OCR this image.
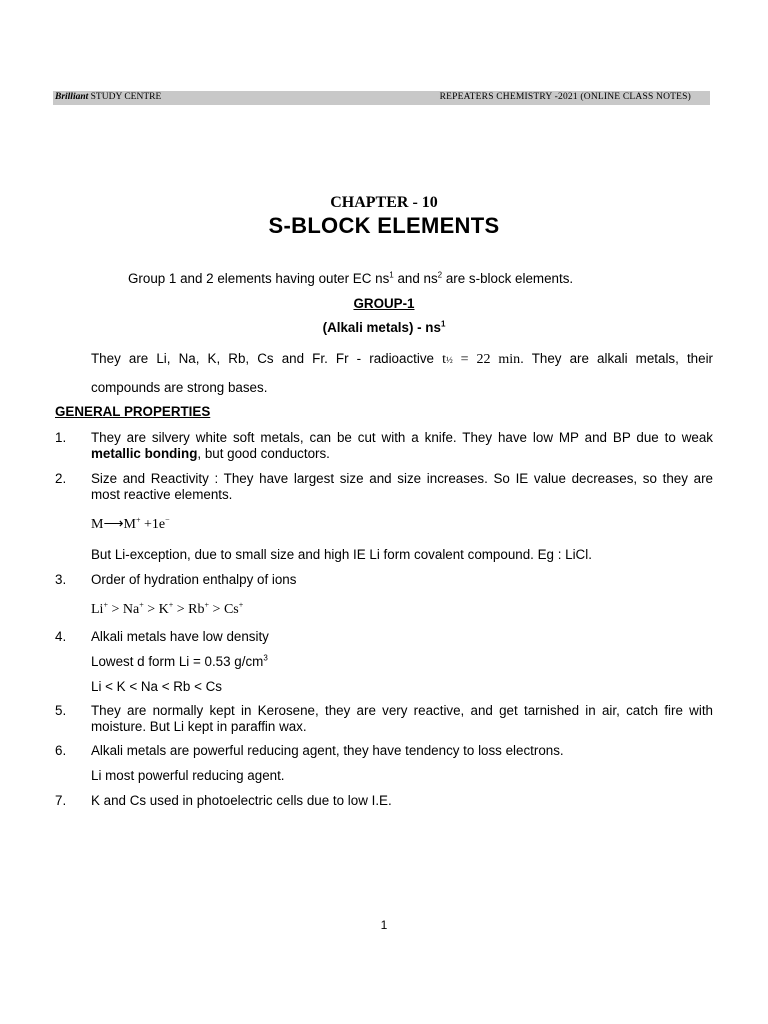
Brilliant STUDY CENTRE	REPEATERS CHEMISTRY -2021 (ONLINE CLASS NOTES)
CHAPTER - 10
S-BLOCK ELEMENTS
Group 1 and 2 elements having outer EC $ns^1$ and $ns^2$ are s-block elements.
GROUP-1
(Alkali metals) - $ns^1$
They are Li, Na, K, Rb, Cs and Fr. Fr - radioactive t½ = 22 min. They are alkali metals, their
compounds are strong bases.
GENERAL PROPERTIES
1. They are silvery white soft metals, can be cut with a knife. They have low MP and BP due to weak
metallic bonding, but good conductors.
2. Size and Reactivity : They have largest size and size increases. So IE value decreases, so they are
most reactive elements.
M⟶M+ +1e−
But Li-exception, due to small size and high IE Li form covalent compound. Eg : LiCl.
3. Order of hydration enthalpy of ions
Li+ > Na+ > K+ > Rb+ > Cs+
4. Alkali metals have low density
Lowest d form Li = 0.53 $g/cm^3$
Li < K < Na < Rb < Cs
5. They are normally kept in Kerosene, they are very reactive, and get tarnished in air, catch fire with
moisture. But Li kept in paraffin wax.
6. Alkali metals are powerful reducing agent, they have tendency to loss electrons.
Li most powerful reducing agent.
7. K and Cs used in photoelectric cells due to low I.E.
1
